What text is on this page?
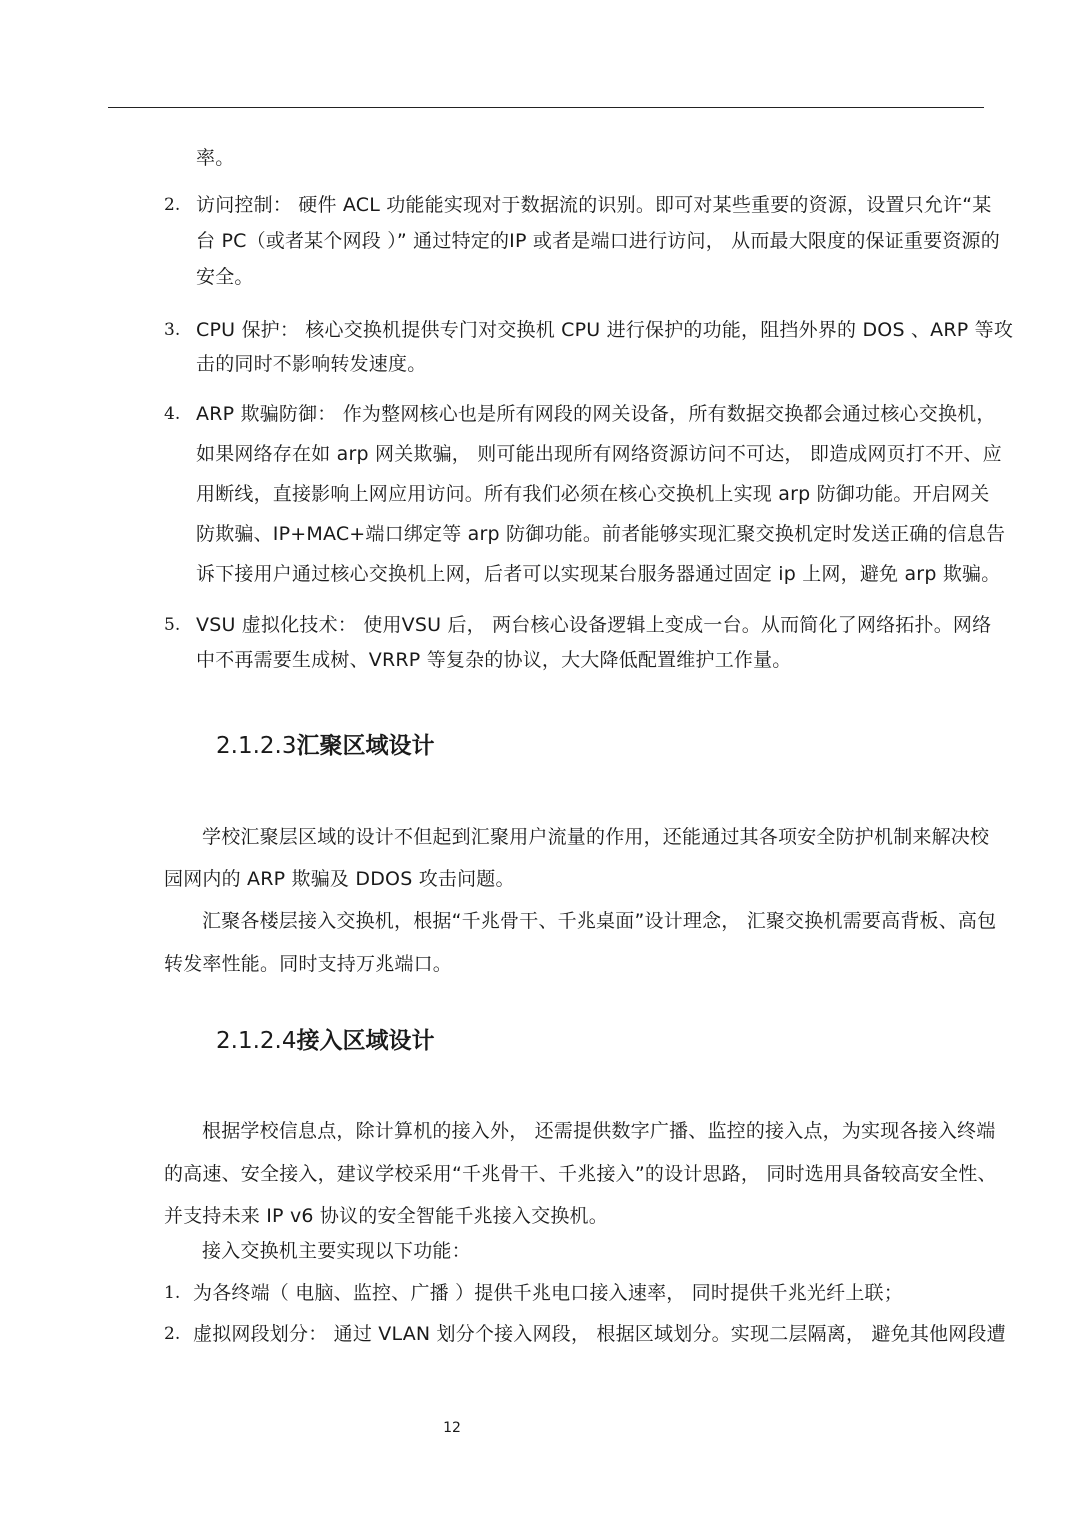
率。
2. 访问控制： 硬件 ACL 功能能实现对于数据流的识别。即可对某些重要的资源，设置只允许“某
台 PC（或者某个网段 ）” 通过特定的IP 或者是端口进行访问， 从而最大限度的保证重要资源的
安全。
3. CPU 保护： 核心交换机提供专门对交换机 CPU 进行保护的功能，阻挡外界的 DOS 、ARP 等攻
击的同时不影响转发速度。
4. ARP 欺骗防御： 作为整网核心也是所有网段的网关设备，所有数据交换都会通过核心交换机，
如果网络存在如 arp 网关欺骗， 则可能出现所有网络资源访问不可达， 即造成网页打不开、应
用断线，直接影响上网应用访问。所有我们必须在核心交换机上实现 arp 防御功能。开启网关
防欺骗、IP+MAC+端口绑定等 arp 防御功能。前者能够实现汇聚交换机定时发送正确的信息告
诉下接用户通过核心交换机上网，后者可以实现某台服务器通过固定 ip 上网，避免 arp 欺骗。
5. VSU 虚拟化技术： 使用VSU 后， 两台核心设备逻辑上变成一台。从而简化了网络拓扑。网络
中不再需要生成树、VRRP 等复杂的协议，大大降低配置维护工作量。
2.1.2.3汇聚区域设计
学校汇聚层区域的设计不但起到汇聚用户流量的作用，还能通过其各项安全防护机制来解决校
园网内的 ARP 欺骗及 DDOS 攻击问题。
汇聚各楼层接入交换机，根据“千兆骨干、千兆桌面”设计理念， 汇聚交换机需要高背板、高包
转发率性能。同时支持万兆端口。
2.1.2.4接入区域设计
根据学校信息点，除计算机的接入外， 还需提供数字广播、监控的接入点，为实现各接入终端
的高速、安全接入，建议学校采用“千兆骨干、千兆接入”的设计思路， 同时选用具备较高安全性、
并支持未来 IP v6 协议的安全智能千兆接入交换机。
接入交换机主要实现以下功能：
1. 为各终端（ 电脑、监控、广播 ）提供千兆电口接入速率， 同时提供千兆光纤上联；
2. 虚拟网段划分： 通过 VLAN 划分个接入网段， 根据区域划分。实现二层隔离， 避免其他网段遭
12
